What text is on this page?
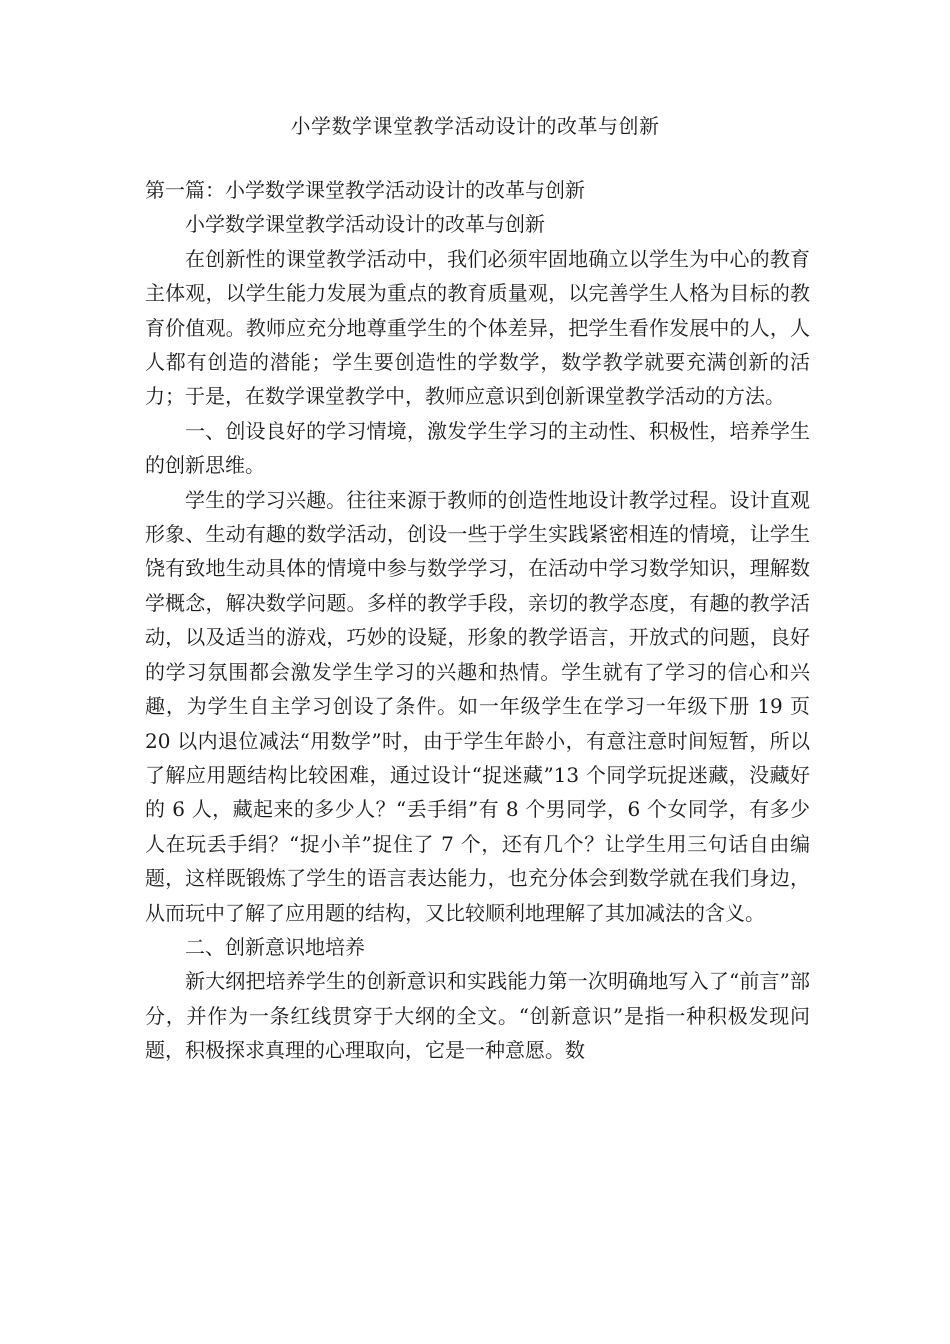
小学数学课堂教学活动设计的改革与创新

第一篇：小学数学课堂教学活动设计的改革与创新

小学数学课堂教学活动设计的改革与创新

在创新性的课堂教学活动中，我们必须牢固地确立以学生为中心的教育主体观，以学生能力发展为重点的教育质量观，以完善学生人格为目标的教育价值观。教师应充分地尊重学生的个体差异，把学生看作发展中的人，人人都有创造的潜能；学生要创造性的学数学，数学教学就要充满创新的活力；于是，在数学课堂教学中，教师应意识到创新课堂教学活动的方法。

一、创设良好的学习情境，激发学生学习的主动性、积极性，培养学生的创新思维。

学生的学习兴趣。往往来源于教师的创造性地设计教学过程。设计直观形象、生动有趣的数学活动，创设一些于学生实践紧密相连的情境，让学生饶有致地生动具体的情境中参与数学学习，在活动中学习数学知识，理解数学概念，解决数学问题。多样的教学手段，亲切的教学态度，有趣的教学活动，以及适当的游戏，巧妙的设疑，形象的教学语言，开放式的问题，良好的学习氛围都会激发学生学习的兴趣和热情。学生就有了学习的信心和兴趣，为学生自主学习创设了条件。如一年级学生在学习一年级下册 19 页 20 以内退位减法“用数学”时，由于学生年龄小，有意注意时间短暂，所以了解应用题结构比较困难，通过设计“捉迷藏”13 个同学玩捉迷藏，没藏好的 6 人，藏起来的多少人？“丢手绢”有 8 个男同学，6 个女同学，有多少人在玩丢手绢？“捉小羊”捉住了 7 个，还有几个？让学生用三句话自由编题，这样既锻炼了学生的语言表达能力，也充分体会到数学就在我们身边，从而玩中了解了应用题的结构，又比较顺利地理解了其加减法的含义。

二、创新意识地培养

新大纲把培养学生的创新意识和实践能力第一次明确地写入了“前言”部分，并作为一条红线贯穿于大纲的全文。“创新意识”是指一种积极发现问题，积极探求真理的心理取向，它是一种意愿。数
